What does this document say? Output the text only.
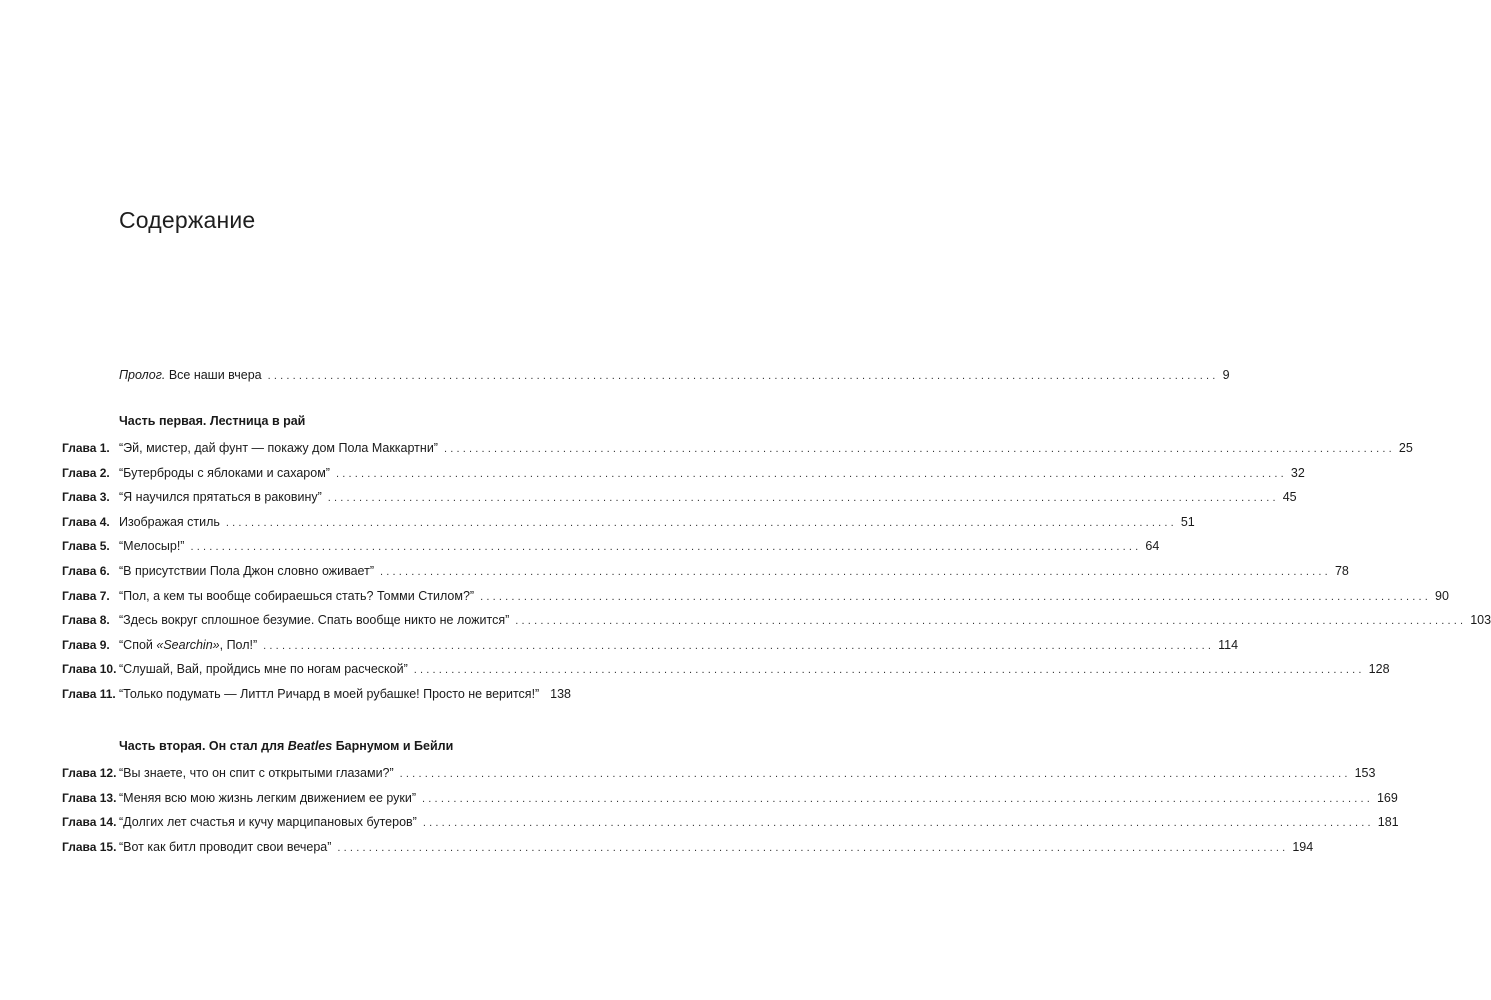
Содержание
Пролог. Все наши вчера ........................................................................................................................................................ 9
Часть первая. Лестница в рай
Глава 1. “Эй, мистер, дай фунт — покажу дом Пола Маккартни” ........................................................................................................................................................ 25
Глава 2. “Бутерброды с яблоками и сахаром” ........................................................................................................................................................ 32
Глава 3. “Я научился прятаться в раковину” ........................................................................................................................................................ 45
Глава 4. Изображая стиль ........................................................................................................................................................ 51
Глава 5. “Мелосыр!” ........................................................................................................................................................ 64
Глава 6. “В присутствии Пола Джон словно оживает” ........................................................................................................................................................ 78
Глава 7. “Пол, а кем ты вообще собираешься стать? Томми Стилом?” ........................................................................................................................................................ 90
Глава 8. “Здесь вокруг сплошное безумие. Спать вообще никто не ложится” ........................................................................................................................................................ 103
Глава 9. “Спой «Searchin», Пол!” ........................................................................................................................................................ 114
Глава 10. “Слушай, Вай, пройдись мне по ногам расческой” ........................................................................................................................................................ 128
Глава 11. “Только подумать — Литтл Ричард в моей рубашке! Просто не верится!” 138
Часть вторая. Он стал для Beatles Барнумом и Бейли
Глава 12. “Вы знаете, что он спит с открытыми глазами?” ........................................................................................................................................................ 153
Глава 13. “Меняя всю мою жизнь легким движением ее руки” ........................................................................................................................................................ 169
Глава 14. “Долгих лет счастья и кучу марципановых бутеров” ........................................................................................................................................................ 181
Глава 15. “Вот как битл проводит свои вечера” ........................................................................................................................................................ 194
